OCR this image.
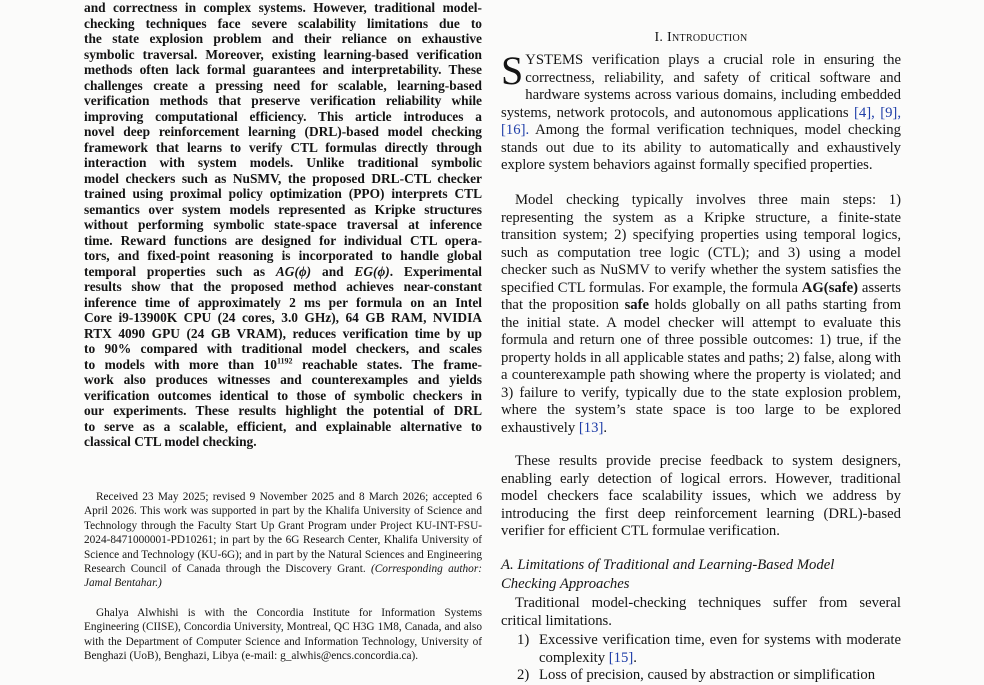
and correctness in complex systems. However, traditional model-
checking techniques face severe scalability limitations due to
the state explosion problem and their reliance on exhaustive
symbolic traversal. Moreover, existing learning-based verification
methods often lack formal guarantees and interpretability. These
challenges create a pressing need for scalable, learning-based
verification methods that preserve verification reliability while
improving computational efficiency. This article introduces a
novel deep reinforcement learning (DRL)-based model checking
framework that learns to verify CTL formulas directly through
interaction with system models. Unlike traditional symbolic
model checkers such as NuSMV, the proposed DRL-CTL checker
trained using proximal policy optimization (PPO) interprets CTL
semantics over system models represented as Kripke structures
without performing symbolic state-space traversal at inference
time. Reward functions are designed for individual CTL opera-
tors, and fixed-point reasoning is incorporated to handle global
temporal properties such as AG(ϕ) and EG(ϕ). Experimental
results show that the proposed method achieves near-constant
inference time of approximately 2 ms per formula on an Intel
Core i9-13900K CPU (24 cores, 3.0 GHz), 64 GB RAM, NVIDIA
RTX 4090 GPU (24 GB VRAM), reduces verification time by up
to 90% compared with traditional model checkers, and scales
to models with more than $10^{1192}$ reachable states. The frame-
work also produces witnesses and counterexamples and yields
verification outcomes identical to those of symbolic checkers in
our experiments. These results highlight the potential of DRL
to serve as a scalable, efficient, and explainable alternative to
classical CTL model checking.
Received 23 May 2025; revised 9 November 2025 and 8 March 2026; accepted 6 April 2026. This work was supported in part by the Khalifa University of Science and Technology through the Faculty Start Up Grant Program under Project KU-INT-FSU-2024-8471000001-PD10261; in part by the 6G Research Center, Khalifa University of Science and Technology (KU-6G); and in part by the Natural Sciences and Engineering Research Council of Canada through the Discovery Grant. (Corresponding author: Jamal Bentahar.)
Ghalya Alwhishi is with the Concordia Institute for Information Systems Engineering (CIISE), Concordia University, Montreal, QC H3G 1M8, Canada, and also with the Department of Computer Science and Information Technology, University of Benghazi (UoB), Benghazi, Libya (e-mail: g_alwhis@encs.concordia.ca).
I. Introduction

SYSTEMS verification plays a crucial role in ensuring the correctness, reliability, and safety of critical software and hardware systems across various domains, including embedded systems, network protocols, and autonomous applications [4], [9], [16]. Among the formal verification techniques, model checking stands out due to its ability to automatically and exhaustively explore system behaviors against formally specified properties.

Model checking typically involves three main steps: 1) representing the system as a Kripke structure, a finite-state transition system; 2) specifying properties using temporal logics, such as computation tree logic (CTL); and 3) using a model checker such as NuSMV to verify whether the system satisfies the specified CTL formulas. For example, the formula AG(safe) asserts that the proposition safe holds globally on all paths starting from the initial state. A model checker will attempt to evaluate this formula and return one of three possible outcomes: 1) true, if the property holds in all applicable states and paths; 2) false, along with a counterexample path showing where the property is violated; and 3) failure to verify, typically due to the state explosion problem, where the system’s state space is too large to be explored exhaustively [13].

These results provide precise feedback to system designers, enabling early detection of logical errors. However, traditional model checkers face scalability issues, which we address by introducing the first deep reinforcement learning (DRL)-based verifier for efficient CTL formulae verification.

A. Limitations of Traditional and Learning-Based Model
Checking Approaches

Traditional model-checking techniques suffer from several critical limitations.

1) Excessive verification time, even for systems with moderate complexity [15].
2) Loss of precision, caused by abstraction or simplification
